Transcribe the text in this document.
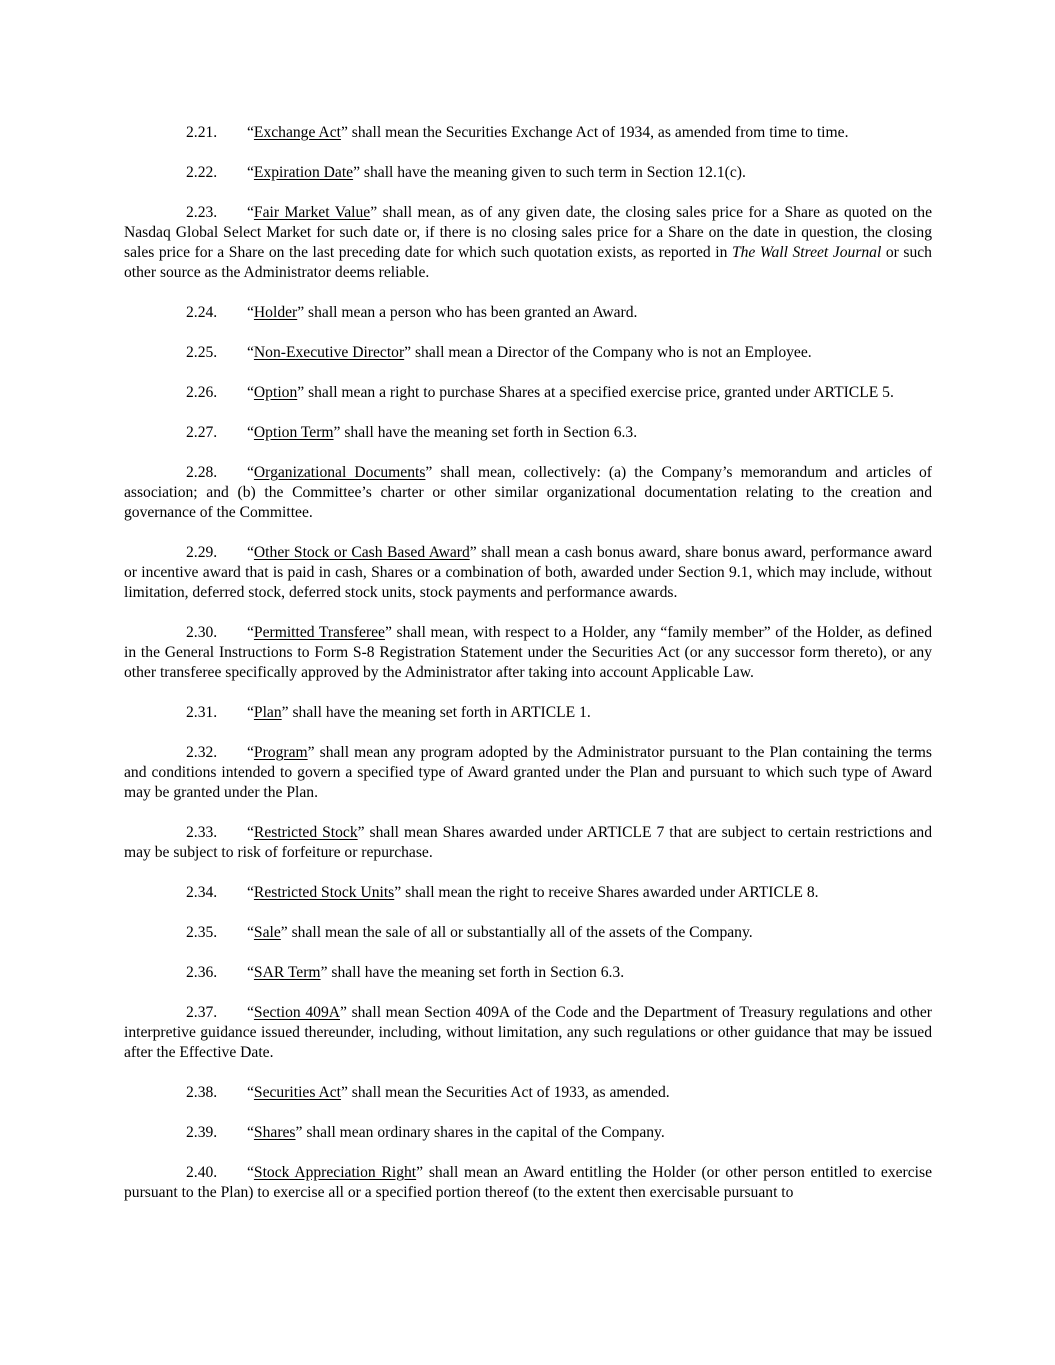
2.21. “Exchange Act” shall mean the Securities Exchange Act of 1934, as amended from time to time.

2.22. “Expiration Date” shall have the meaning given to such term in Section 12.1(c).

2.23. “Fair Market Value” shall mean, as of any given date, the closing sales price for a Share as quoted on the Nasdaq Global Select Market for such date or, if there is no closing sales price for a Share on the date in question, the closing sales price for a Share on the last preceding date for which such quotation exists, as reported in The Wall Street Journal or such other source as the Administrator deems reliable.

2.24. “Holder” shall mean a person who has been granted an Award.

2.25. “Non-Executive Director” shall mean a Director of the Company who is not an Employee.

2.26. “Option” shall mean a right to purchase Shares at a specified exercise price, granted under ARTICLE 5.

2.27. “Option Term” shall have the meaning set forth in Section 6.3.

2.28. “Organizational Documents” shall mean, collectively: (a) the Company’s memorandum and articles of association; and (b) the Committee’s charter or other similar organizational documentation relating to the creation and governance of the Committee.

2.29. “Other Stock or Cash Based Award” shall mean a cash bonus award, share bonus award, performance award or incentive award that is paid in cash, Shares or a combination of both, awarded under Section 9.1, which may include, without limitation, deferred stock, deferred stock units, stock payments and performance awards.

2.30. “Permitted Transferee” shall mean, with respect to a Holder, any “family member” of the Holder, as defined in the General Instructions to Form S-8 Registration Statement under the Securities Act (or any successor form thereto), or any other transferee specifically approved by the Administrator after taking into account Applicable Law.

2.31. “Plan” shall have the meaning set forth in ARTICLE 1.

2.32. “Program” shall mean any program adopted by the Administrator pursuant to the Plan containing the terms and conditions intended to govern a specified type of Award granted under the Plan and pursuant to which such type of Award may be granted under the Plan.

2.33. “Restricted Stock” shall mean Shares awarded under ARTICLE 7 that are subject to certain restrictions and may be subject to risk of forfeiture or repurchase.

2.34. “Restricted Stock Units” shall mean the right to receive Shares awarded under ARTICLE 8.

2.35. “Sale” shall mean the sale of all or substantially all of the assets of the Company.

2.36. “SAR Term” shall have the meaning set forth in Section 6.3.

2.37. “Section 409A” shall mean Section 409A of the Code and the Department of Treasury regulations and other interpretive guidance issued thereunder, including, without limitation, any such regulations or other guidance that may be issued after the Effective Date.

2.38. “Securities Act” shall mean the Securities Act of 1933, as amended.

2.39. “Shares” shall mean ordinary shares in the capital of the Company.

2.40. “Stock Appreciation Right” shall mean an Award entitling the Holder (or other person entitled to exercise pursuant to the Plan) to exercise all or a specified portion thereof (to the extent then exercisable pursuant to
